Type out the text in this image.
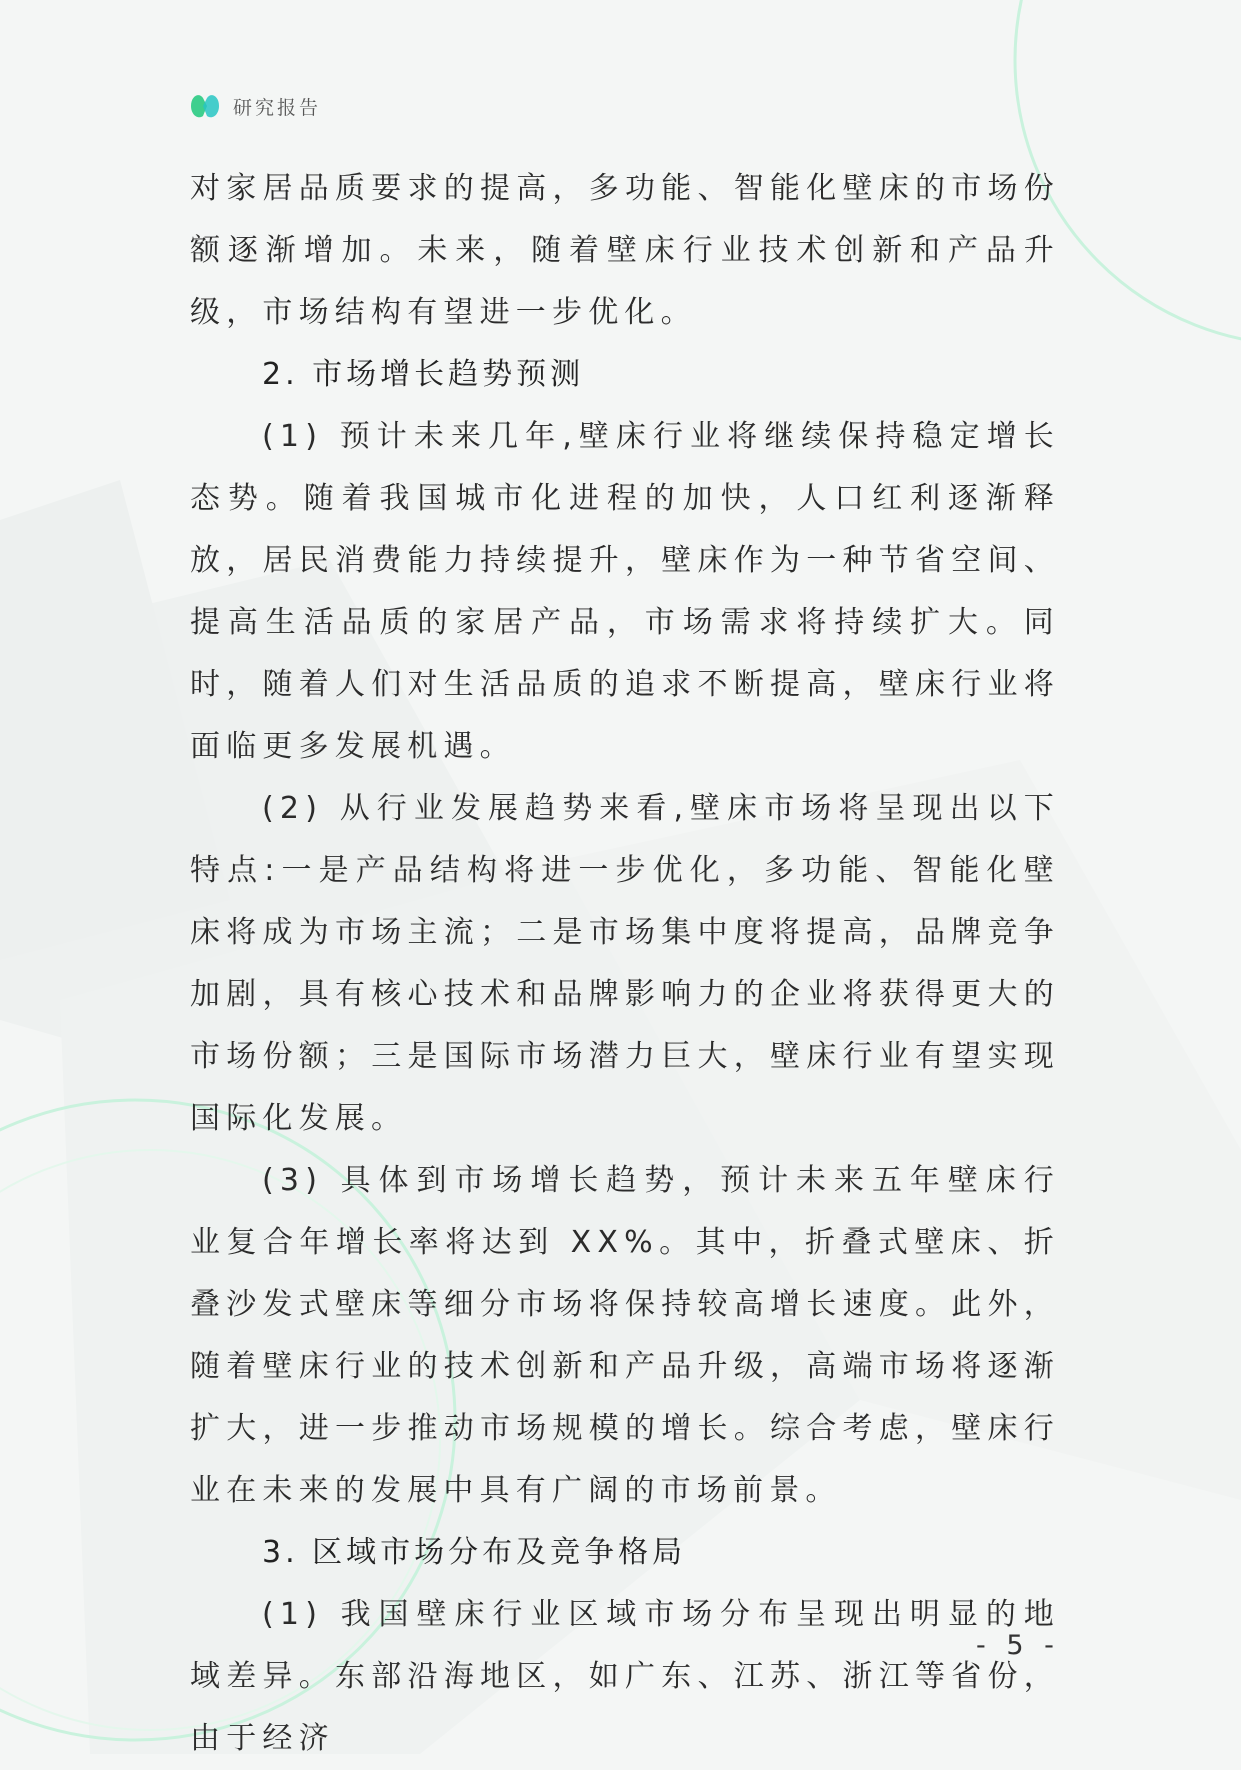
研究报告

对家居品质要求的提高，多功能、智能化壁床的市场份额逐渐增加。未来，随着壁床行业技术创新和产品升级，市场结构有望进一步优化。

2. 市场增长趋势预测

(1) 预计未来几年,壁床行业将继续保持稳定增长态势。随着我国城市化进程的加快，人口红利逐渐释放，居民消费能力持续提升，壁床作为一种节省空间、提高生活品质的家居产品，市场需求将持续扩大。同时，随着人们对生活品质的追求不断提高，壁床行业将面临更多发展机遇。

(2) 从行业发展趋势来看,壁床市场将呈现出以下特点:一是产品结构将进一步优化，多功能、智能化壁床将成为市场主流；二是市场集中度将提高，品牌竞争加剧，具有核心技术和品牌影响力的企业将获得更大的市场份额；三是国际市场潜力巨大，壁床行业有望实现国际化发展。

(3) 具体到市场增长趋势，预计未来五年壁床行业复合年增长率将达到 XX%。其中，折叠式壁床、折叠沙发式壁床等细分市场将保持较高增长速度。此外，随着壁床行业的技术创新和产品升级，高端市场将逐渐扩大，进一步推动市场规模的增长。综合考虑，壁床行业在未来的发展中具有广阔的市场前景。

3. 区域市场分布及竞争格局

(1) 我国壁床行业区域市场分布呈现出明显的地域差异。东部沿海地区，如广东、江苏、浙江等省份，由于经济

- 5 -
